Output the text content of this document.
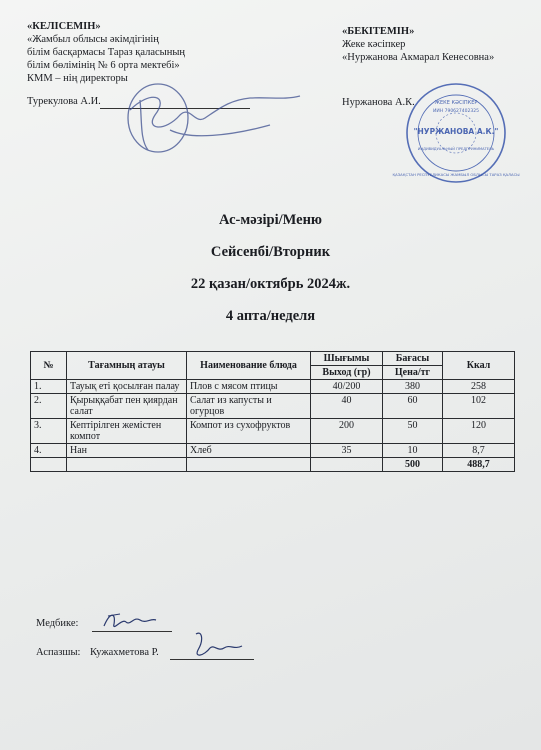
«КЕЛІСЕМІН»
«Жамбыл облысы әкімдігінің
білім басқармасы Тараз қаласының
білім бөлімінің № 6 орта мектебі»
КММ – нің директоры
Турекулова А.И.
«БЕКІТЕМІН»
Жеке кәсіпкер
«Нуржанова Акмарал Кенесовна»
Нуржанова А.К.	ЖЕКЕ КӘСІПКЕР
ИИН 790627402325
"НУРЖАНОВА А.К."
ИНДИВИДУАЛЬНЫЙ ПРЕДПРИНИМАТЕЛЬ
ҚАЗАҚСТАН РЕСПУБЛИКАСЫ ЖАМБЫЛ ОБЛЫСЫ ТАРАЗ ҚАЛАСЫ
Ас-мәзірі/Меню
Сейсенбі/Вторник
22 қазан/октябрь 2024ж.
4 апта/неделя
№	Тағамның атауы	Наименование блюда	Шығымы	Бағасы	Ккал
			Выход (гр)	Цена/тг	
1.	Тауық еті қосылған палау	Плов с мясом птицы	40/200	380	258
2.	Қырыққабат пен қиярдан салат	Салат из капусты и огурцов	40	60	102
3.	Кептірілген жемістен компот	Компот из сухофруктов	200	50	120
4.	Нан	Хлеб	35	10	8,7
				500	488,7
Медбике:
Аспазшы: Кужахметова Р.
